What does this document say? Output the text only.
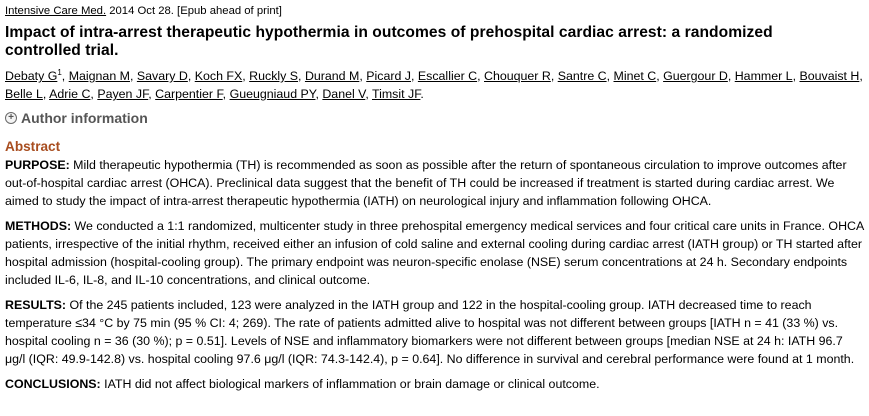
Intensive Care Med. 2014 Oct 28. [Epub ahead of print]
Impact of intra-arrest therapeutic hypothermia in outcomes of prehospital cardiac arrest: a randomized controlled trial.
Debaty $G^1$, Maignan M, Savary D, Koch FX, Ruckly S, Durand M, Picard J, Escallier C, Chouquer R, Santre C, Minet C, Guergour D, Hammer L, Bouvaist H, Belle L, Adrie C, Payen JF, Carpentier F, Gueugniaud PY, Danel V, Timsit JF.
+ Author information
Abstract
PURPOSE: Mild therapeutic hypothermia (TH) is recommended as soon as possible after the return of spontaneous circulation to improve outcomes after out-of-hospital cardiac arrest (OHCA). Preclinical data suggest that the benefit of TH could be increased if treatment is started during cardiac arrest. We aimed to study the impact of intra-arrest therapeutic hypothermia (IATH) on neurological injury and inflammation following OHCA.
METHODS: We conducted a 1:1 randomized, multicenter study in three prehospital emergency medical services and four critical care units in France. OHCA patients, irrespective of the initial rhythm, received either an infusion of cold saline and external cooling during cardiac arrest (IATH group) or TH started after hospital admission (hospital-cooling group). The primary endpoint was neuron-specific enolase (NSE) serum concentrations at 24 h. Secondary endpoints included IL-6, IL-8, and IL-10 concentrations, and clinical outcome.
RESULTS: Of the 245 patients included, 123 were analyzed in the IATH group and 122 in the hospital-cooling group. IATH decreased time to reach temperature ≤34 °C by 75 min (95 % CI: 4; 269). The rate of patients admitted alive to hospital was not different between groups [IATH n = 41 (33 %) vs. hospital cooling n = 36 (30 %); p = 0.51]. Levels of NSE and inflammatory biomarkers were not different between groups [median NSE at 24 h: IATH 96.7 μg/l (IQR: 49.9-142.8) vs. hospital cooling 97.6 μg/l (IQR: 74.3-142.4), p = 0.64]. No difference in survival and cerebral performance were found at 1 month.
CONCLUSIONS: IATH did not affect biological markers of inflammation or brain damage or clinical outcome.
